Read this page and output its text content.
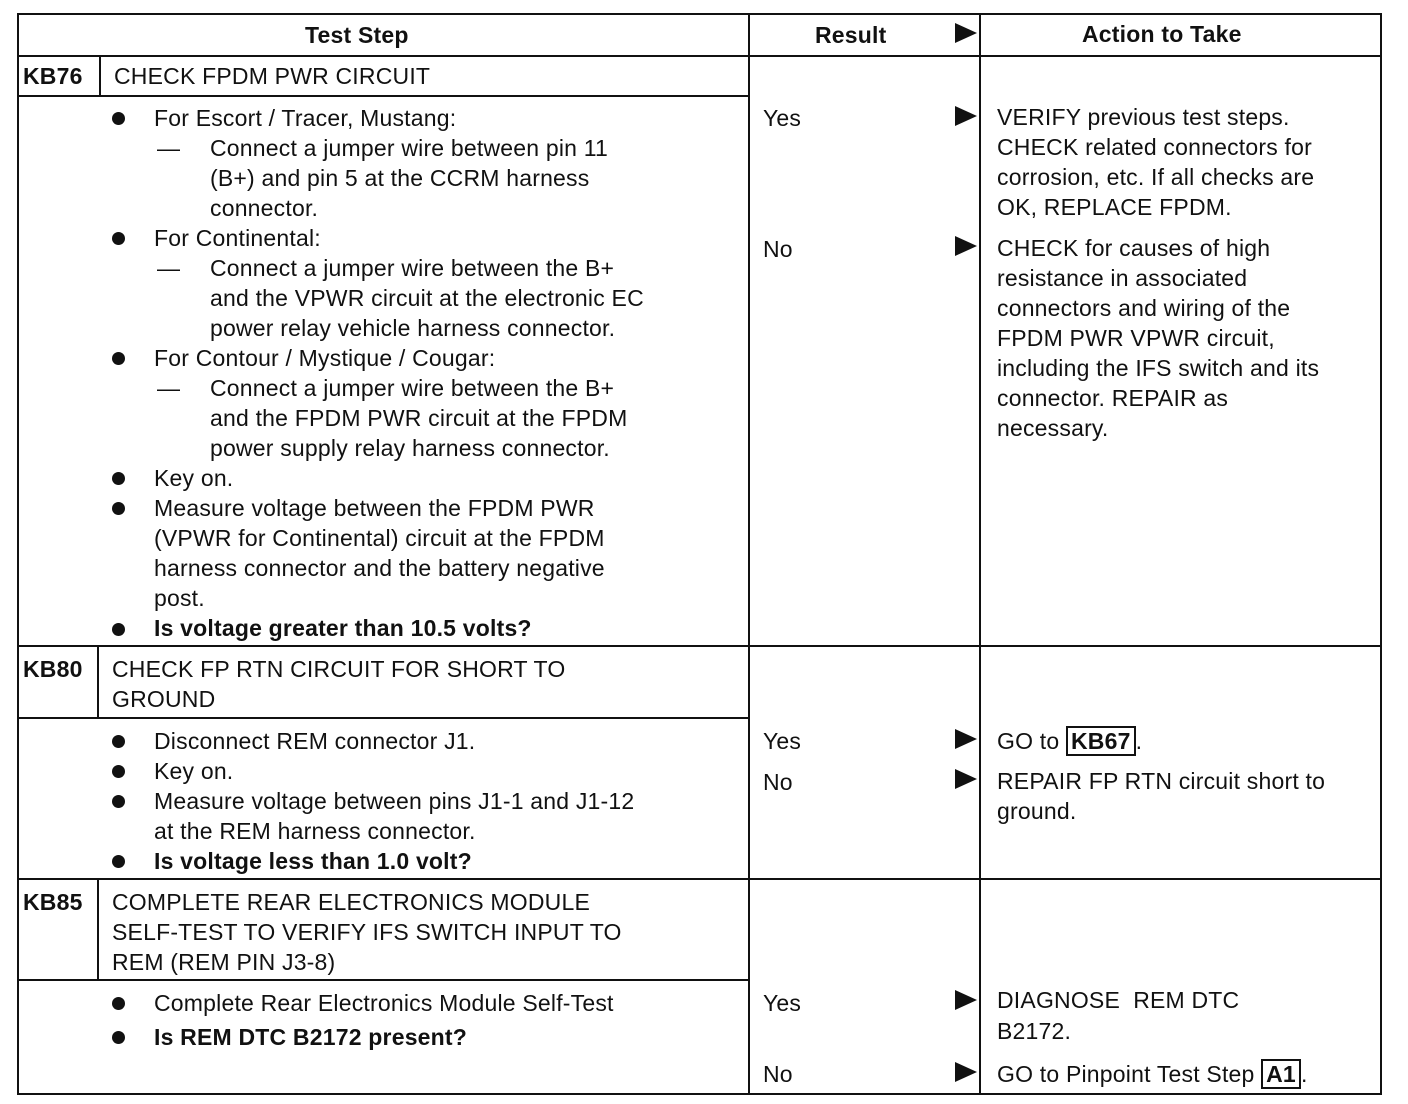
Test Step	Result	Action to Take
KB76 CHECK FPDM PWR CIRCUIT
For Escort / Tracer, Mustang:
— Connect a jumper wire between pin 11
(B+) and pin 5 at the CCRM harness
connector.
For Continental:
— Connect a jumper wire between the B+
and the VPWR circuit at the electronic EC
power relay vehicle harness connector.
For Contour / Mystique / Cougar:
— Connect a jumper wire between the B+
and the FPDM PWR circuit at the FPDM
power supply relay harness connector.
Key on.
Measure voltage between the FPDM PWR
(VPWR for Continental) circuit at the FPDM
harness connector and the battery negative
post.
Is voltage greater than 10.5 volts?
Yes	VERIFY previous test steps.
CHECK related connectors for
corrosion, etc. If all checks are
OK, REPLACE FPDM.
No	CHECK for causes of high
resistance in associated
connectors and wiring of the
FPDM PWR VPWR circuit,
including the IFS switch and its
connector. REPAIR as
necessary.
KB80 CHECK FP RTN CIRCUIT FOR SHORT TO
GROUND
Disconnect REM connector J1.
Key on.
Measure voltage between pins J1-1 and J1-12
at the REM harness connector.
Is voltage less than 1.0 volt?
Yes	GO to KB67 .
No	REPAIR FP RTN circuit short to
ground.
KB85 COMPLETE REAR ELECTRONICS MODULE
SELF-TEST TO VERIFY IFS SWITCH INPUT TO
REM (REM PIN J3-8)
Complete Rear Electronics Module Self-Test
Is REM DTC B2172 present?
Yes	DIAGNOSE  REM DTC
B2172.
No	GO to Pinpoint Test Step A1 .
